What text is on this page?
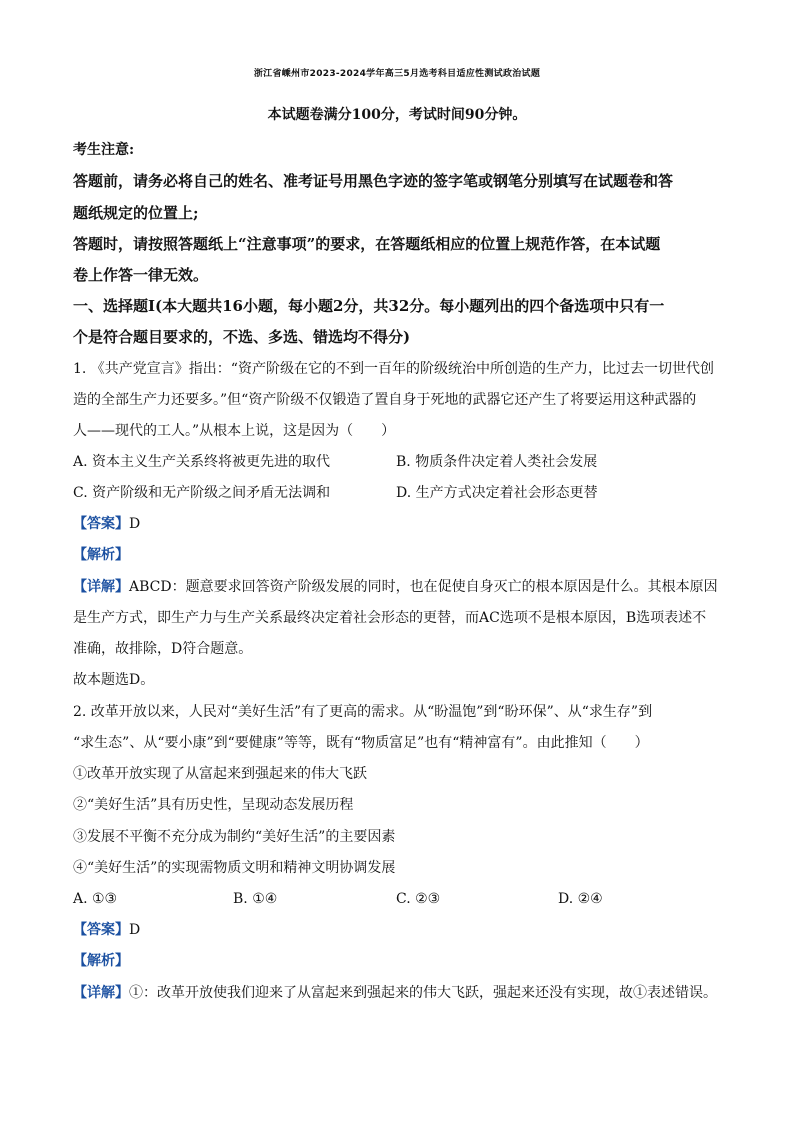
浙江省嵊州市2023-2024学年高三5月选考科目适应性测试政治试题
本试题卷满分100分，考试时间90分钟。
考生注意:
答题前，请务必将自己的姓名、准考证号用黑色字迹的签字笔或钢笔分别填写在试题卷和答
题纸规定的位置上;
答题时，请按照答题纸上“注意事项”的要求，在答题纸相应的位置上规范作答，在本试题
卷上作答一律无效。
一、选择题Ⅰ(本大题共16小题，每小题2分，共32分。每小题列出的四个备选项中只有一
个是符合题目要求的，不选、多选、错选均不得分)
1. 《共产党宣言》指出：“资产阶级在它的不到一百年的阶级统治中所创造的生产力，比过去一切世代创
造的全部生产力还要多。”但“资产阶级不仅锻造了置自身于死地的武器它还产生了将要运用这种武器的
人——现代的工人。”从根本上说，这是因为（　　）
A. 资本主义生产关系终将被更先进的取代	B. 物质条件决定着人类社会发展
C. 资产阶级和无产阶级之间矛盾无法调和	D. 生产方式决定着社会形态更替
【答案】D
【解析】
【详解】ABCD：题意要求回答资产阶级发展的同时，也在促使自身灭亡的根本原因是什么。其根本原因
是生产方式，即生产力与生产关系最终决定着社会形态的更替，而AC选项不是根本原因，B选项表述不
准确，故排除，D符合题意。
故本题选D。
2. 改革开放以来，人民对“美好生活”有了更高的需求。从“盼温饱”到“盼环保”、从“求生存”到
“求生态”、从“要小康”到“要健康”等等，既有“物质富足”也有“精神富有”。由此推知（　　）
①改革开放实现了从富起来到强起来的伟大飞跃
②“美好生活”具有历史性，呈现动态发展历程
③发展不平衡不充分成为制约“美好生活”的主要因素
④“美好生活”的实现需物质文明和精神文明协调发展
A. ①③	B. ①④	C. ②③	D. ②④
【答案】D
【解析】
【详解】①：改革开放使我们迎来了从富起来到强起来的伟大飞跃，强起来还没有实现，故①表述错误。
